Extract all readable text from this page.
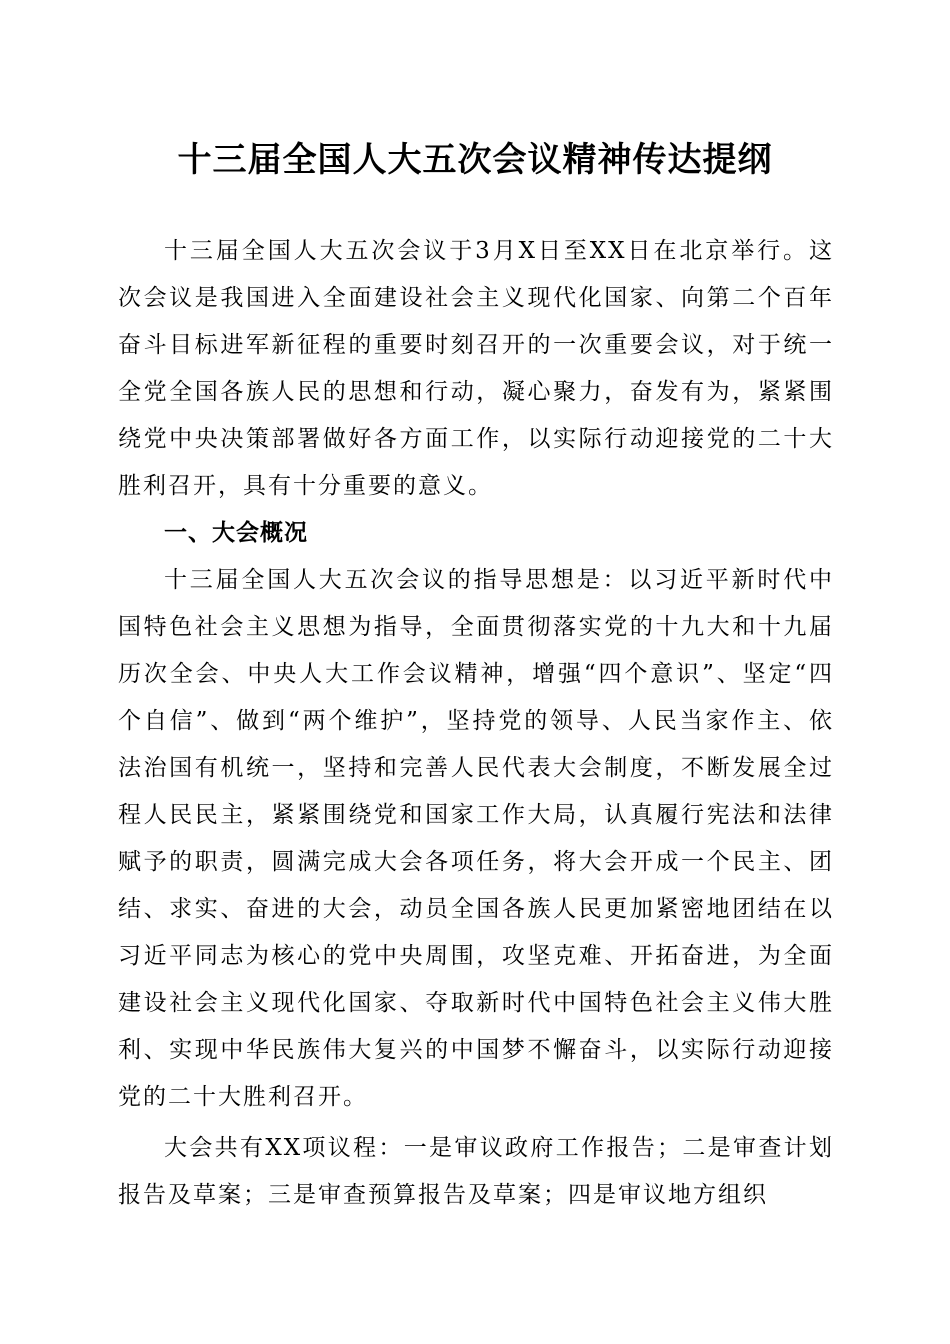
十三届全国人大五次会议精神传达提纲

十三届全国人大五次会议于3月X日至XX日在北京举行。这次会议是我国进入全面建设社会主义现代化国家、向第二个百年奋斗目标进军新征程的重要时刻召开的一次重要会议，对于统一全党全国各族人民的思想和行动，凝心聚力，奋发有为，紧紧围绕党中央决策部署做好各方面工作，以实际行动迎接党的二十大胜利召开，具有十分重要的意义。

一、大会概况

十三届全国人大五次会议的指导思想是：以习近平新时代中国特色社会主义思想为指导，全面贯彻落实党的十九大和十九届历次全会、中央人大工作会议精神，增强“四个意识”、坚定“四个自信”、做到“两个维护”，坚持党的领导、人民当家作主、依法治国有机统一，坚持和完善人民代表大会制度，不断发展全过程人民民主，紧紧围绕党和国家工作大局，认真履行宪法和法律赋予的职责，圆满完成大会各项任务，将大会开成一个民主、团结、求实、奋进的大会，动员全国各族人民更加紧密地团结在以习近平同志为核心的党中央周围，攻坚克难、开拓奋进，为全面建设社会主义现代化国家、夺取新时代中国特色社会主义伟大胜利、实现中华民族伟大复兴的中国梦不懈奋斗，以实际行动迎接党的二十大胜利召开。

大会共有XX项议程：一是审议政府工作报告；二是审查计划报告及草案；三是审查预算报告及草案；四是审议地方组织
